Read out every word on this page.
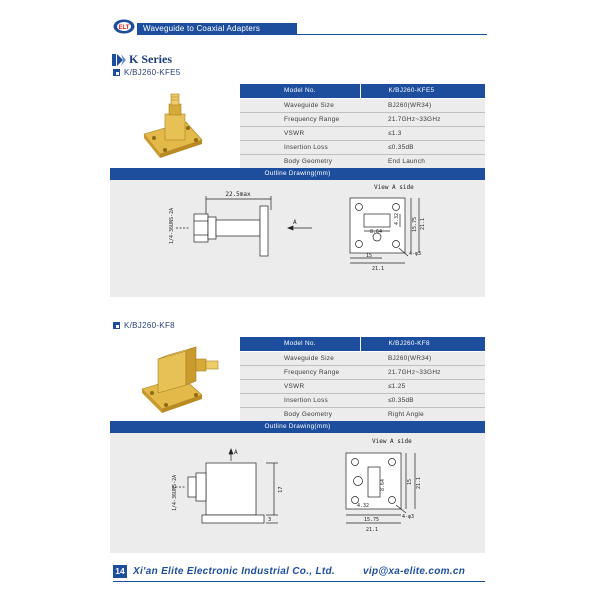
ELT Waveguide to Coaxial Adapters
K Series
K/BJ260-KFE5
Model No.	K/BJ260-KFE5
Waveguide Size	BJ260(WR34)
Frequency Range	21.7GHz~33GHz
VSWR	≤1.3
Insertion Loss	≤0.35dB
Body Geometry	End Launch
Outline Drawing(mm)
22.5max
1/4-36UNS-2A	A
View A side
4.32 15.75 21.1
8.64
15
21.1
4-φ3
K/BJ260-KF8
Model No.	K/BJ260-KF8
Waveguide Size	BJ260(WR34)
Frequency Range	21.7GHz~33GHz
VSWR	≤1.25
Insertion Loss	≤0.35dB
Body Geometry	Right Angle
Outline Drawing(mm)
A
1/4-36UNS-2A	17
3
View A side
8.64	15 21.1
4.32
15.75
21.1
4-φ3
14 Xi'an Elite Electronic Industrial Co., Ltd.	vip@xa-elite.com.cn
